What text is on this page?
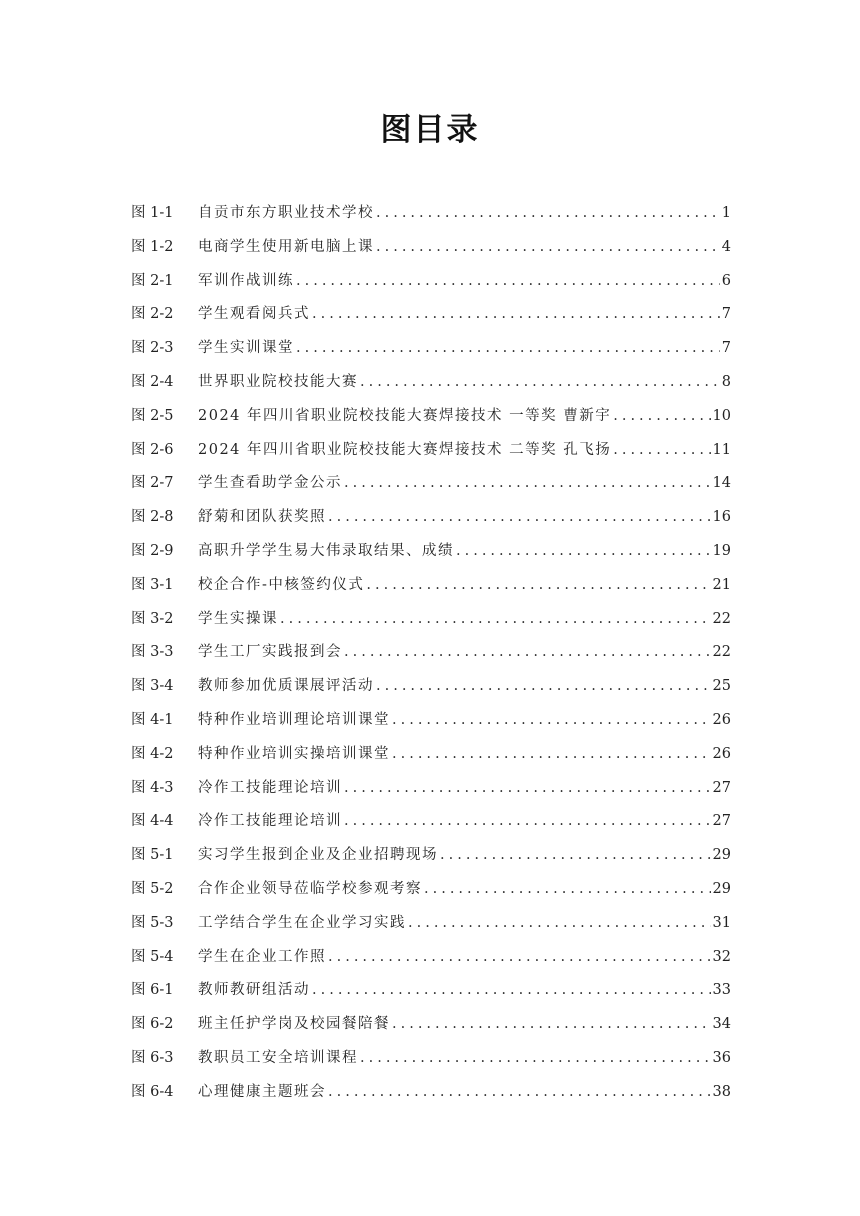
图目录
图 1-1	自贡市东方职业技术学校 .....	1
图 1-2	电商学生使用新电脑上课 .....	4
图 2-1	军训作战训练 .....	6
图 2-2	学生观看阅兵式 .....	7
图 2-3	学生实训课堂 .....	7
图 2-4	世界职业院校技能大赛 .....	8
图 2-5	2024 年四川省职业院校技能大赛焊接技术 一等奖 曹新宇 .....	10
图 2-6	2024 年四川省职业院校技能大赛焊接技术 二等奖 孔飞扬 .....	11
图 2-7	学生查看助学金公示 .....	14
图 2-8	舒菊和团队获奖照 .....	16
图 2-9	高职升学学生易大伟录取结果、成绩 .....	19
图 3-1	校企合作-中核签约仪式 .....	21
图 3-2	学生实操课 .....	22
图 3-3	学生工厂实践报到会 .....	22
图 3-4	教师参加优质课展评活动 .....	25
图 4-1	特种作业培训理论培训课堂 .....	26
图 4-2	特种作业培训实操培训课堂 .....	26
图 4-3	冷作工技能理论培训 .....	27
图 4-4	冷作工技能理论培训 .....	27
图 5-1	实习学生报到企业及企业招聘现场 .....	29
图 5-2	合作企业领导莅临学校参观考察 .....	29
图 5-3	工学结合学生在企业学习实践 .....	31
图 5-4	学生在企业工作照 .....	32
图 6-1	教师教研组活动 .....	33
图 6-2	班主任护学岗及校园餐陪餐 .....	34
图 6-3	教职员工安全培训课程 .....	36
图 6-4	心理健康主题班会 .....	38
